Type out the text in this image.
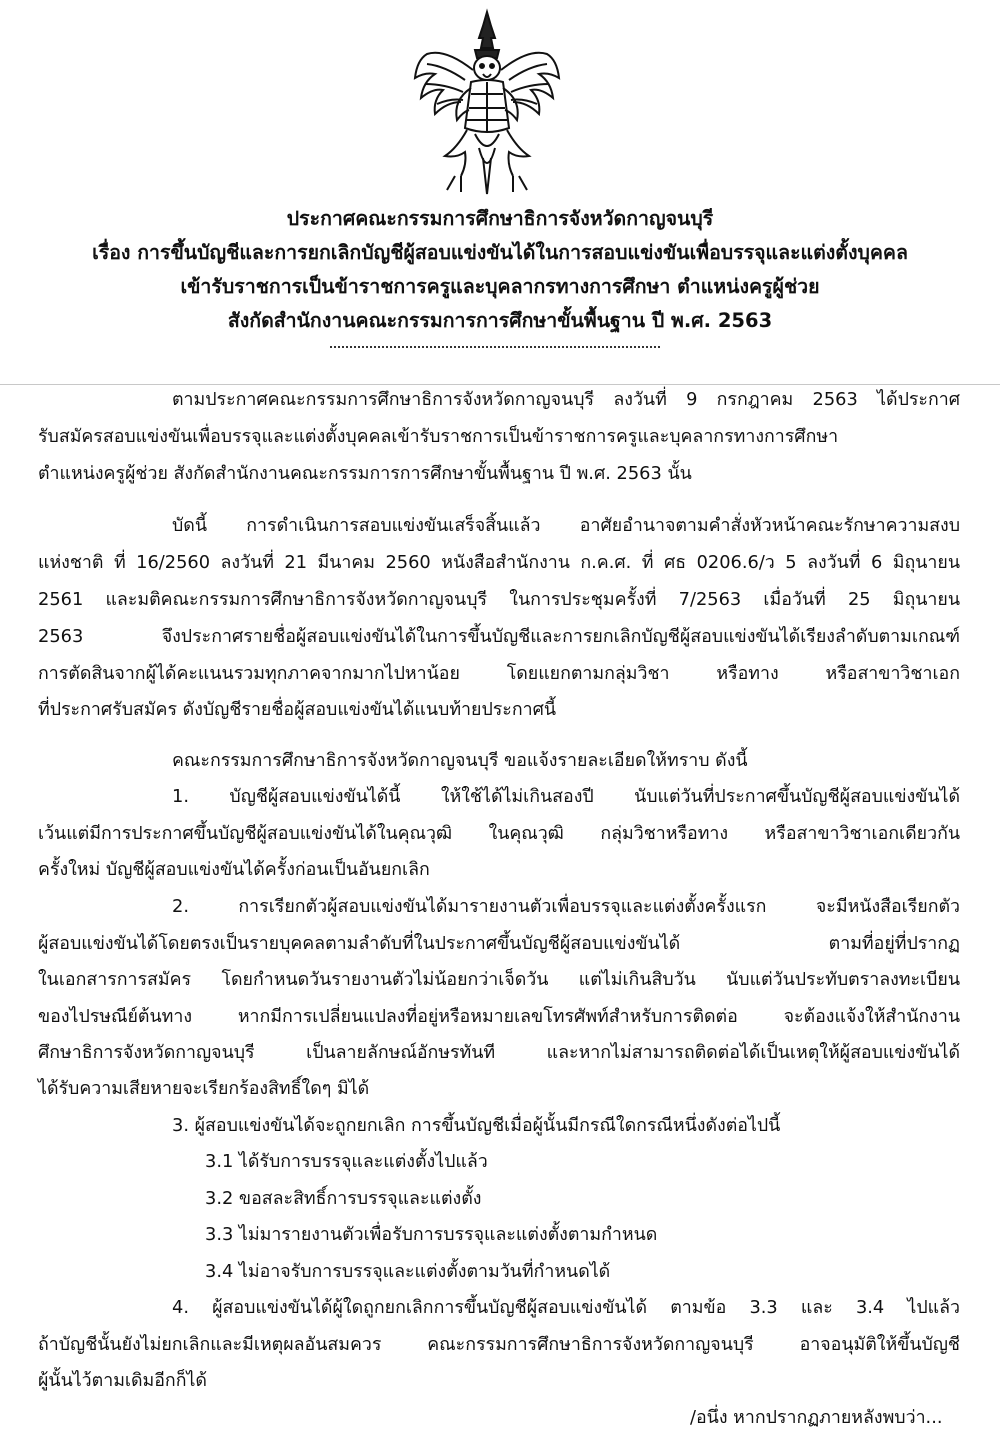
ประกาศคณะกรรมการศึกษาธิการจังหวัดกาญจนบุรี
เรื่อง การขึ้นบัญชีและการยกเลิกบัญชีผู้สอบแข่งขันได้ในการสอบแข่งขันเพื่อบรรจุและแต่งตั้งบุคคล
เข้ารับราชการเป็นข้าราชการครูและบุคลากรทางการศึกษา ตำแหน่งครูผู้ช่วย
สังกัดสำนักงานคณะกรรมการการศึกษาขั้นพื้นฐาน ปี พ.ศ. 2563
ตามประกาศคณะกรรมการศึกษาธิการจังหวัดกาญจนบุรี ลงวันที่ 9 กรกฎาคม 2563 ได้ประกาศ
รับสมัครสอบแข่งขันเพื่อบรรจุและแต่งตั้งบุคคลเข้ารับราชการเป็นข้าราชการครูและบุคลากรทางการศึกษา
ตำแหน่งครูผู้ช่วย สังกัดสำนักงานคณะกรรมการการศึกษาขั้นพื้นฐาน ปี พ.ศ. 2563 นั้น
บัดนี้ การดำเนินการสอบแข่งขันเสร็จสิ้นแล้ว อาศัยอำนาจตามคำสั่งหัวหน้าคณะรักษาความสงบ
แห่งชาติ ที่ 16/2560 ลงวันที่ 21 มีนาคม 2560 หนังสือสำนักงาน ก.ค.ศ. ที่ ศธ 0206.6/ว 5 ลงวันที่ 6 มิถุนายน
2561 และมติคณะกรรมการศึกษาธิการจังหวัดกาญจนบุรี ในการประชุมครั้งที่ 7/2563 เมื่อวันที่ 25 มิถุนายน
2563 จึงประกาศรายชื่อผู้สอบแข่งขันได้ในการขึ้นบัญชีและการยกเลิกบัญชีผู้สอบแข่งขันได้เรียงลำดับตามเกณฑ์
การตัดสินจากผู้ได้คะแนนรวมทุกภาคจากมากไปหาน้อย โดยแยกตามกลุ่มวิชา หรือทาง หรือสาขาวิชาเอก
ที่ประกาศรับสมัคร ดังบัญชีรายชื่อผู้สอบแข่งขันได้แนบท้ายประกาศนี้
คณะกรรมการศึกษาธิการจังหวัดกาญจนบุรี ขอแจ้งรายละเอียดให้ทราบ ดังนี้
1. บัญชีผู้สอบแข่งขันได้นี้ ให้ใช้ได้ไม่เกินสองปี นับแต่วันที่ประกาศขึ้นบัญชีผู้สอบแข่งขันได้
เว้นแต่มีการประกาศขึ้นบัญชีผู้สอบแข่งขันได้ในคุณวุฒิ ในคุณวุฒิ กลุ่มวิชาหรือทาง หรือสาขาวิชาเอกเดียวกัน
ครั้งใหม่ บัญชีผู้สอบแข่งขันได้ครั้งก่อนเป็นอันยกเลิก
2. การเรียกตัวผู้สอบแข่งขันได้มารายงานตัวเพื่อบรรจุและแต่งตั้งครั้งแรก จะมีหนังสือเรียกตัว
ผู้สอบแข่งขันได้โดยตรงเป็นรายบุคคลตามลำดับที่ในประกาศขึ้นบัญชีผู้สอบแข่งขันได้ ตามที่อยู่ที่ปรากฏ
ในเอกสารการสมัคร โดยกำหนดวันรายงานตัวไม่น้อยกว่าเจ็ดวัน แต่ไม่เกินสิบวัน นับแต่วันประทับตราลงทะเบียน
ของไปรษณีย์ต้นทาง หากมีการเปลี่ยนแปลงที่อยู่หรือหมายเลขโทรศัพท์สำหรับการติดต่อ จะต้องแจ้งให้สำนักงาน
ศึกษาธิการจังหวัดกาญจนบุรี เป็นลายลักษณ์อักษรทันที และหากไม่สามารถติดต่อได้เป็นเหตุให้ผู้สอบแข่งขันได้
ได้รับความเสียหายจะเรียกร้องสิทธิ์ใดๆ มิได้
3. ผู้สอบแข่งขันได้จะถูกยกเลิก การขึ้นบัญชีเมื่อผู้นั้นมีกรณีใดกรณีหนึ่งดังต่อไปนี้
3.1 ได้รับการบรรจุและแต่งตั้งไปแล้ว
3.2 ขอสละสิทธิ์การบรรจุและแต่งตั้ง
3.3 ไม่มารายงานตัวเพื่อรับการบรรจุและแต่งตั้งตามกำหนด
3.4 ไม่อาจรับการบรรจุและแต่งตั้งตามวันที่กำหนดได้
4. ผู้สอบแข่งขันได้ผู้ใดถูกยกเลิกการขึ้นบัญชีผู้สอบแข่งขันได้ ตามข้อ 3.3 และ 3.4 ไปแล้ว
ถ้าบัญชีนั้นยังไม่ยกเลิกและมีเหตุผลอันสมควร คณะกรรมการศึกษาธิการจังหวัดกาญจนบุรี อาจอนุมัติให้ขึ้นบัญชี
ผู้นั้นไว้ตามเดิมอีกก็ได้
/อนึ่ง หากปรากฏภายหลังพบว่า...
